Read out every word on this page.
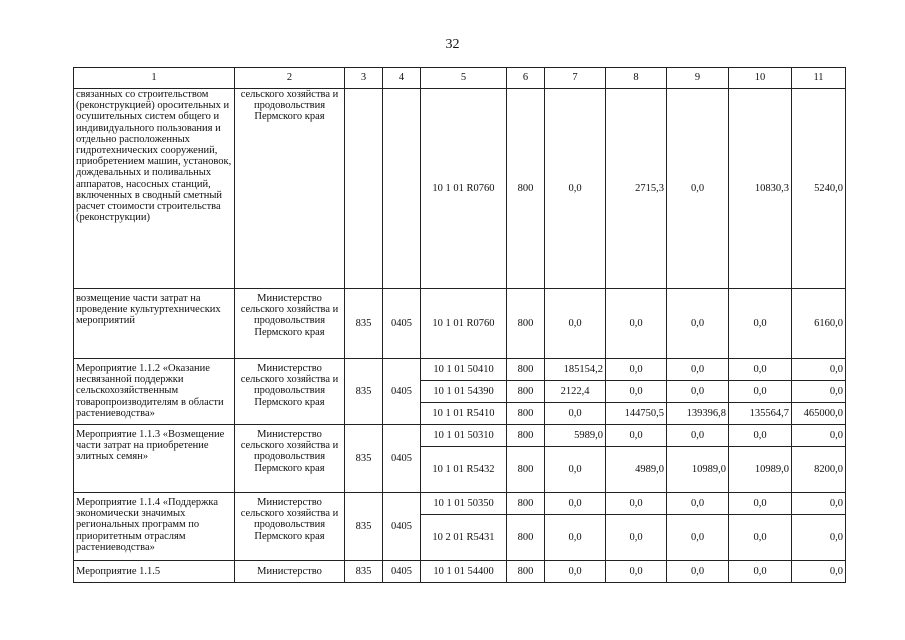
32
1	2	3	4	5	6	7	8	9	10	11
связанных со строительством (реконструкцией) оросительных и осушительных систем общего и индивидуального пользования и отдельно расположенных гидротехнических сооружений, приобретением машин, установок, дождевальных и поливальных аппаратов, насосных станций, включенных в сводный сметный расчет стоимости строительства (реконструкции)	сельского хозяйства и продовольствия Пермского края			10 1 01 R0760	800	0,0	2715,3	0,0	10830,3	5240,0
возмещение части затрат на проведение культуртехнических мероприятий	Министерство сельского хозяйства и продовольствия Пермского края	835	0405	10 1 01 R0760	800	0,0	0,0	0,0	0,0	6160,0
Мероприятие 1.1.2 «Оказание несвязанной поддержки сельскохозяйственным товаропроизводителям в области растениеводства»	Министерство сельского хозяйства и продовольствия Пермского края	835	0405	10 1 01 50410	800	185154,2	0,0	0,0	0,0	0,0
				10 1 01 54390	800	2122,4	0,0	0,0	0,0	0,0
				10 1 01 R5410	800	0,0	144750,5	139396,8	135564,7	465000,0
Мероприятие 1.1.3 «Возмещение части затрат на приобретение элитных семян»	Министерство сельского хозяйства и продовольствия Пермского края	835	0405	10 1 01 50310	800	5989,0	0,0	0,0	0,0	0,0
				10 1 01 R5432	800	0,0	4989,0	10989,0	10989,0	8200,0
Мероприятие 1.1.4 «Поддержка экономически значимых региональных программ по приоритетным отраслям растениеводства»	Министерство сельского хозяйства и продовольствия Пермского края	835	0405	10 1 01 50350	800	0,0	0,0	0,0	0,0	0,0
				10 2 01 R5431	800	0,0	0,0	0,0	0,0	0,0
Мероприятие 1.1.5	Министерство	835	0405	10 1 01 54400	800	0,0	0,0	0,0	0,0	0,0
